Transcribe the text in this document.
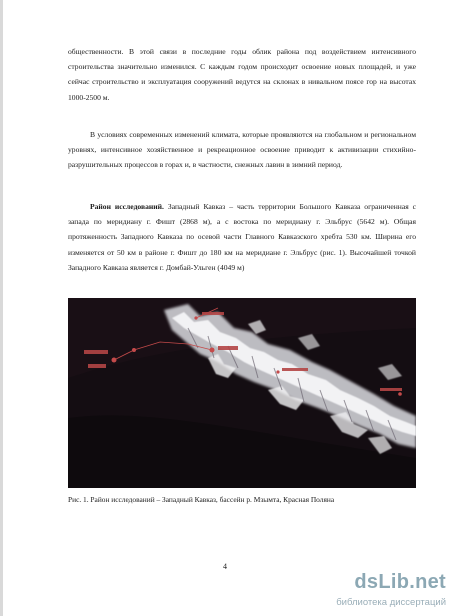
общественности. В этой связи в последние годы облик района под воздействием интенсивного строительства значительно изменился. С каждым годом происходит освоение новых площадей, и уже сейчас строительство и эксплуатация сооружений ведутся на склонах в нивальном поясе гор на высотах 1000-2500 м.

В условиях современных изменений климата, которые проявляются на глобальном и региональном уровнях, интенсивное хозяйственное и рекреационное освоение приводит к активизации стихийно-разрушительных процессов в горах и, в частности, снежных лавин в зимний период.

Район исследований. Западный Кавказ – часть территории Большого Кавказа ограниченная с запада по меридиану г. Фишт (2868 м), а с востока по меридиану г. Эльбрус (5642 м). Общая протяженность Западного Кавказа по осевой части Главного Кавказского хребта 530 км. Ширина его изменяется от 50 км в районе г. Фишт до 180 км на меридиане г. Эльбрус (рис. 1). Высочайшей точкой Западного Кавказа является г. Домбай-Ульген (4049 м)

Рис. 1. Район исследований – Западный Кавказ, бассейн р. Мзымта, Красная Поляна

4
dsLib.net
библиотека диссертаций
